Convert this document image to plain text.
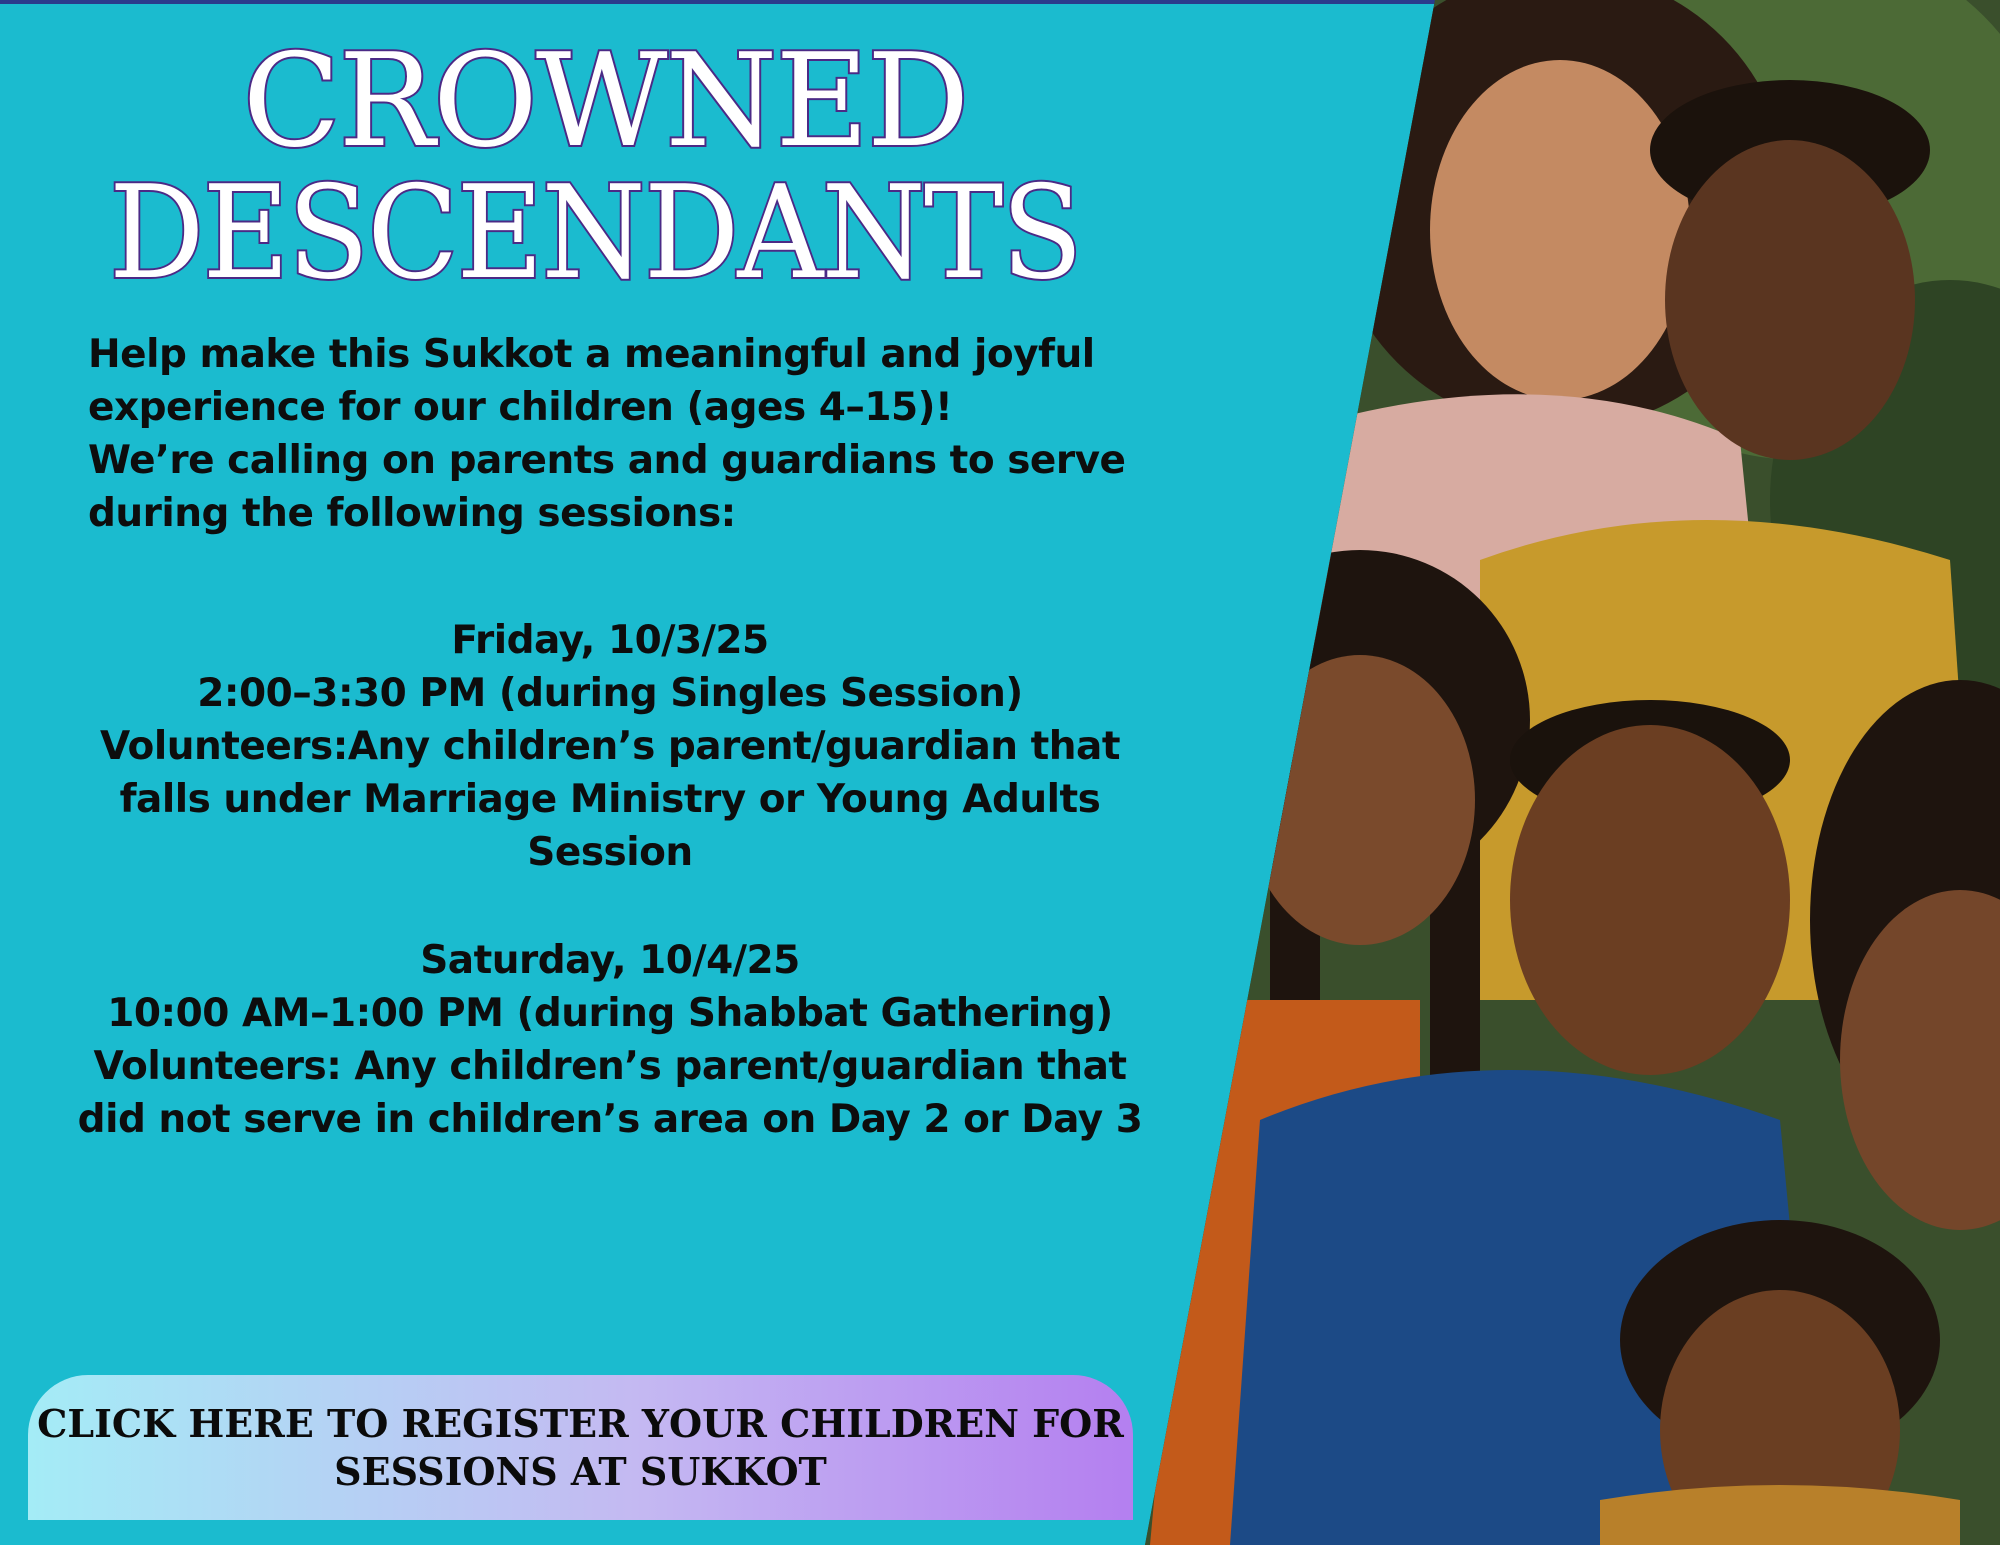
CROWNED
DESCENDANTS
Help make this Sukkot a meaningful and joyful
experience for our children (ages 4–15)!
We’re calling on parents and guardians to serve
during the following sessions:
Friday, 10/3/25
2:00–3:30 PM (during Singles Session)
Volunteers:Any children’s parent/guardian that
falls under Marriage Ministry or Young Adults
Session
Saturday, 10/4/25
10:00 AM–1:00 PM (during Shabbat Gathering)
Volunteers: Any children’s parent/guardian that
did not serve in children’s area on Day 2 or Day 3
CLICK HERE TO REGISTER YOUR CHILDREN FOR
SESSIONS AT SUKKOT
